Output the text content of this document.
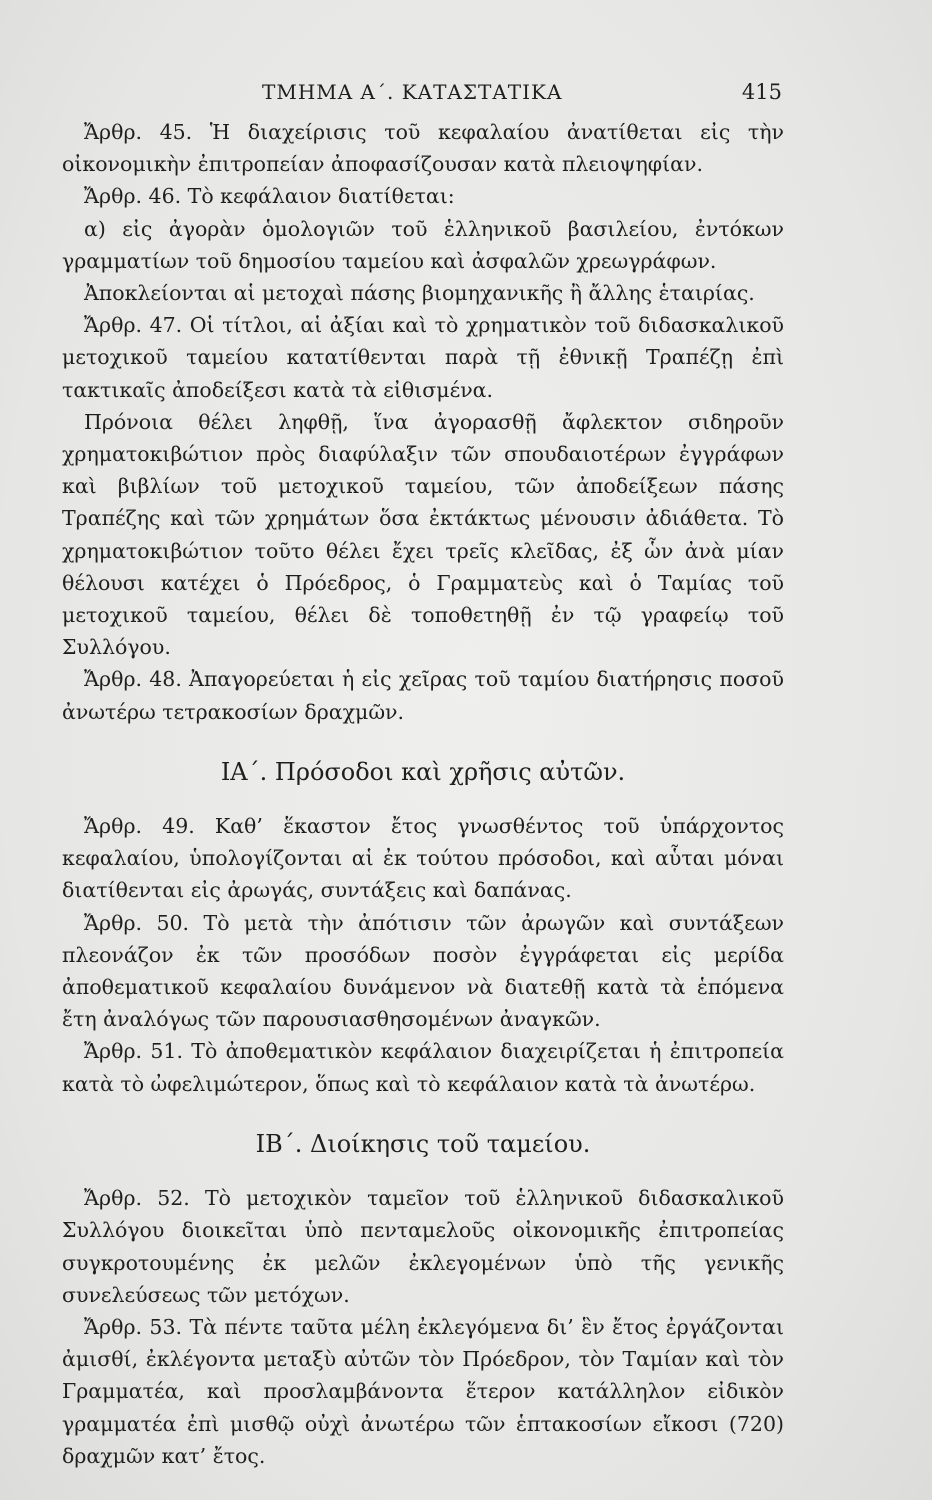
ΤΜΗΜΑ Α΄. ΚΑΤΑΣΤΑΤΙΚΑ	415

Ἄρθρ. 45. Ἡ διαχείρισις τοῦ κεφαλαίου ἀνατίθεται εἰς τὴν οἰκονομικὴν ἐπιτροπείαν ἀποφασίζουσαν κατὰ πλειοψηφίαν.

Ἄρθρ. 46. Τὸ κεφάλαιον διατίθεται:

α) εἰς ἀγορὰν ὁμολογιῶν τοῦ ἑλληνικοῦ βασιλείου, ἐντόκων γραμματίων τοῦ δημοσίου ταμείου καὶ ἀσφαλῶν χρεωγράφων.

Ἀποκλείονται αἱ μετοχαὶ πάσης βιομηχανικῆς ἢ ἄλλης ἑταιρίας.

Ἄρθρ. 47. Οἱ τίτλοι, αἱ ἀξίαι καὶ τὸ χρηματικὸν τοῦ διδασκαλικοῦ μετοχικοῦ ταμείου κατατίθενται παρὰ τῇ ἐθνικῇ Τραπέζῃ ἐπὶ τακτικαῖς ἀποδείξεσι κατὰ τὰ εἰθισμένα.

Πρόνοια θέλει ληφθῇ, ἵνα ἀγορασθῇ ἄφλεκτον σιδηροῦν χρηματοκιβώτιον πρὸς διαφύλαξιν τῶν σπουδαιοτέρων ἐγγράφων καὶ βιβλίων τοῦ μετοχικοῦ ταμείου, τῶν ἀποδείξεων πάσης Τραπέζης καὶ τῶν χρημάτων ὅσα ἐκτάκτως μένουσιν ἀδιάθετα. Τὸ χρηματοκιβώτιον τοῦτο θέλει ἔχει τρεῖς κλεῖδας, ἐξ ὧν ἀνὰ μίαν θέλουσι κατέχει ὁ Πρόεδρος, ὁ Γραμματεὺς καὶ ὁ Ταμίας τοῦ μετοχικοῦ ταμείου, θέλει δὲ τοποθετηθῇ ἐν τῷ γραφείῳ τοῦ Συλλόγου.

Ἄρθρ. 48. Ἀπαγορεύεται ἡ εἰς χεῖρας τοῦ ταμίου διατήρησις ποσοῦ ἀνωτέρω τετρακοσίων δραχμῶν.

ΙΑ΄. Πρόσοδοι καὶ χρῆσις αὐτῶν.

Ἄρθρ. 49. Καθ’ ἕκαστον ἔτος γνωσθέντος τοῦ ὑπάρχοντος κεφαλαίου, ὑπολογίζονται αἱ ἐκ τούτου πρόσοδοι, καὶ αὗται μόναι διατίθενται εἰς ἀρωγάς, συντάξεις καὶ δαπάνας.

Ἄρθρ. 50. Τὸ μετὰ τὴν ἀπότισιν τῶν ἀρωγῶν καὶ συντάξεων πλεονάζον ἐκ τῶν προσόδων ποσὸν ἐγγράφεται εἰς μερίδα ἀποθεματικοῦ κεφαλαίου δυνάμενον νὰ διατεθῇ κατὰ τὰ ἑπόμενα ἔτη ἀναλόγως τῶν παρουσιασθησομένων ἀναγκῶν.

Ἄρθρ. 51. Τὸ ἀποθεματικὸν κεφάλαιον διαχειρίζεται ἡ ἐπιτροπεία κατὰ τὸ ὠφελιμώτερον, ὅπως καὶ τὸ κεφάλαιον κατὰ τὰ ἀνωτέρω.

ΙΒ΄. Διοίκησις τοῦ ταμείου.

Ἄρθρ. 52. Τὸ μετοχικὸν ταμεῖον τοῦ ἑλληνικοῦ διδασκαλικοῦ Συλλόγου διοικεῖται ὑπὸ πενταμελοῦς οἰκονομικῆς ἐπιτροπείας συγκροτουμένης ἐκ μελῶν ἐκλεγομένων ὑπὸ τῆς γενικῆς συνελεύσεως τῶν μετόχων.

Ἄρθρ. 53. Τὰ πέντε ταῦτα μέλη ἐκλεγόμενα δι’ ἓν ἔτος ἐργάζονται ἀμισθί, ἐκλέγοντα μεταξὺ αὐτῶν τὸν Πρόεδρον, τὸν Ταμίαν καὶ τὸν Γραμματέα, καὶ προσλαμβάνοντα ἕτερον κατάλληλον εἰδικὸν γραμματέα ἐπὶ μισθῷ οὐχὶ ἀνωτέρω τῶν ἑπτακοσίων εἴκοσι (720) δραχμῶν κατ’ ἔτος.
